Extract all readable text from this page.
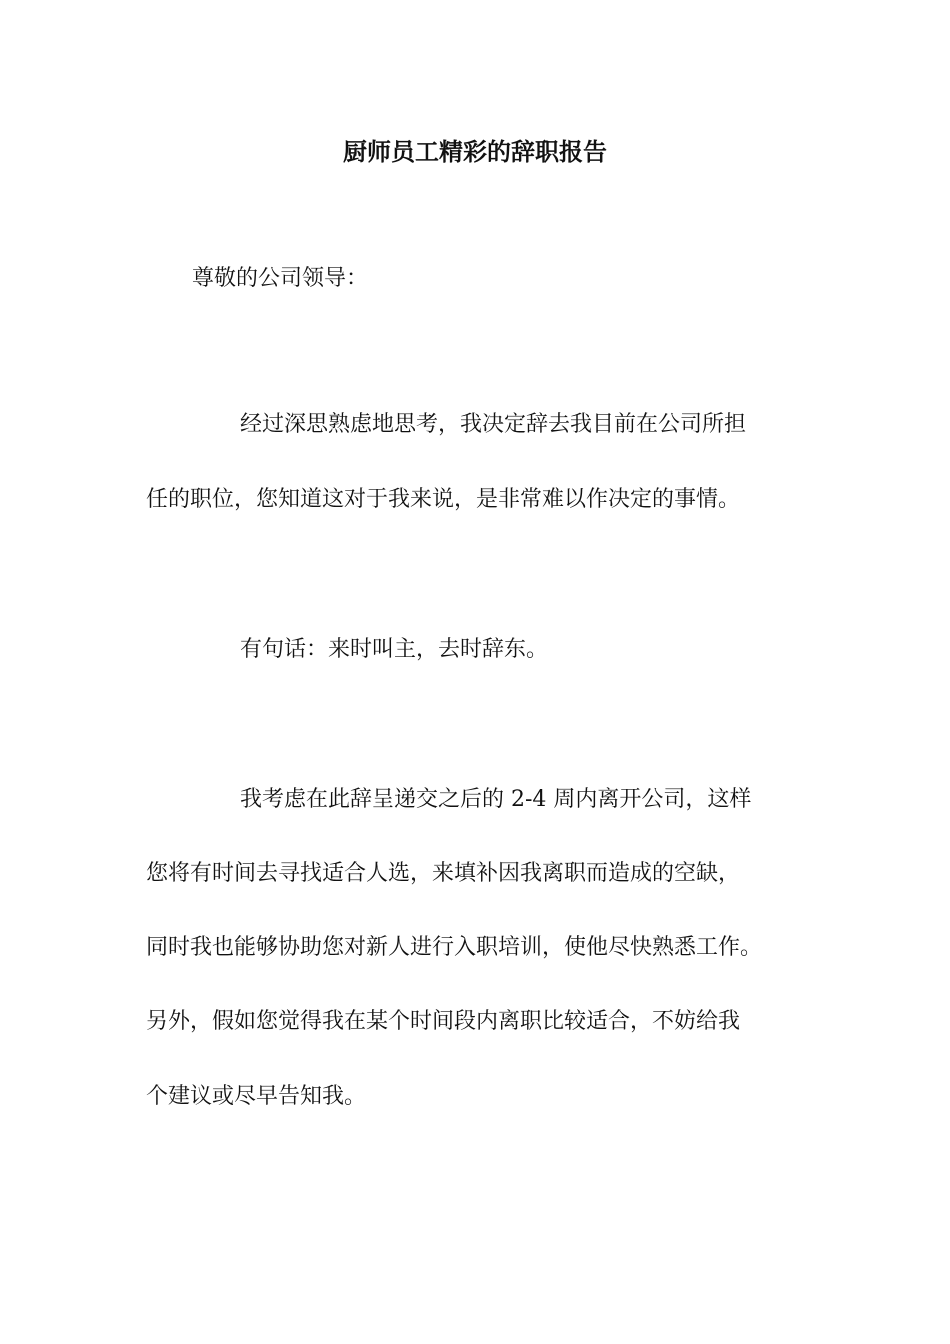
厨师员工精彩的辞职报告
尊敬的公司领导：
经过深思熟虑地思考，我决定辞去我目前在公司所担
任的职位，您知道这对于我来说，是非常难以作决定的事情。
有句话：来时叫主，去时辞东。
我考虑在此辞呈递交之后的 2-4 周内离开公司，这样
您将有时间去寻找适合人选，来填补因我离职而造成的空缺，
同时我也能够协助您对新人进行入职培训，使他尽快熟悉工作。
另外，假如您觉得我在某个时间段内离职比较适合，不妨给我
个建议或尽早告知我。
